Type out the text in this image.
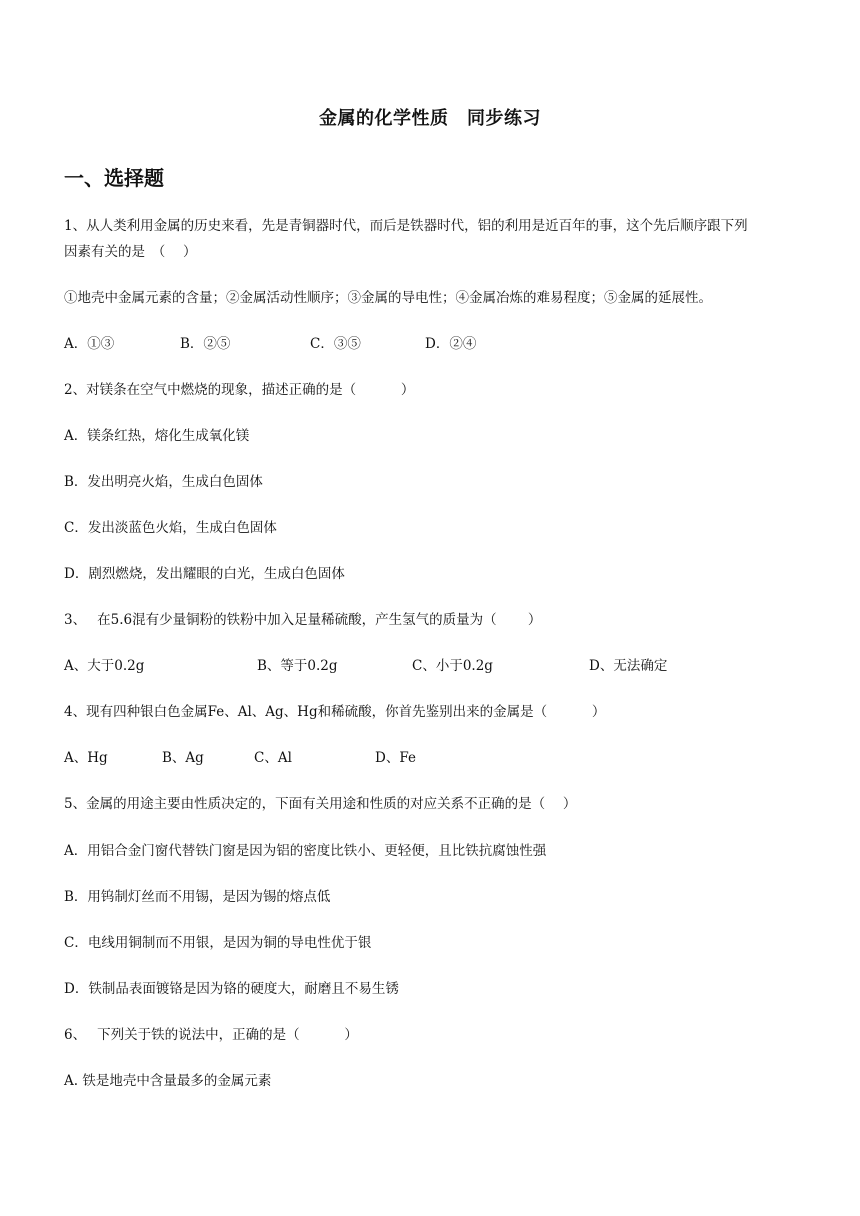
金属的化学性质　同步练习
一、选择题
1、从人类利用金属的历史来看，先是青铜器时代，而后是铁器时代，铝的利用是近百年的事，这个先后顺序跟下列
因素有关的是　（　 ）
①地壳中金属元素的含量；②金属活动性顺序；③金属的导电性；④金属冶炼的难易程度；⑤金属的延展性。
A．①③	B．②⑤	C．③⑤	D．②④
2、对镁条在空气中燃烧的现象，描述正确的是（　　　 ）
A．镁条红热，熔化生成氧化镁
B．发出明亮火焰，生成白色固体
C．发出淡蓝色火焰，生成白色固体
D．剧烈燃烧，发出耀眼的白光，生成白色固体
3、　 在5.6混有少量铜粉的铁粉中加入足量稀硫酸，产生氢气的质量为（　　 ）
A、大于0.2g	B、等于0.2g	C、小于0.2g	D、无法确定
4、现有四种银白色金属Fe、Al、Ag、Hg和稀硫酸，你首先鉴别出来的金属是（　　　 ）
A、Hg	B、Ag	C、Al	D、Fe
5、金属的用途主要由性质决定的，下面有关用途和性质的对应关系不正确的是（　 ）
A．用铝合金门窗代替铁门窗是因为铝的密度比铁小、更轻便，且比铁抗腐蚀性强
B．用钨制灯丝而不用锡，是因为锡的熔点低
C．电线用铜制而不用银，是因为铜的导电性优于银
D．铁制品表面镀铬是因为铬的硬度大，耐磨且不易生锈
6、　 下列关于铁的说法中，正确的是（　　　 ）
A. 铁是地壳中含量最多的金属元素
